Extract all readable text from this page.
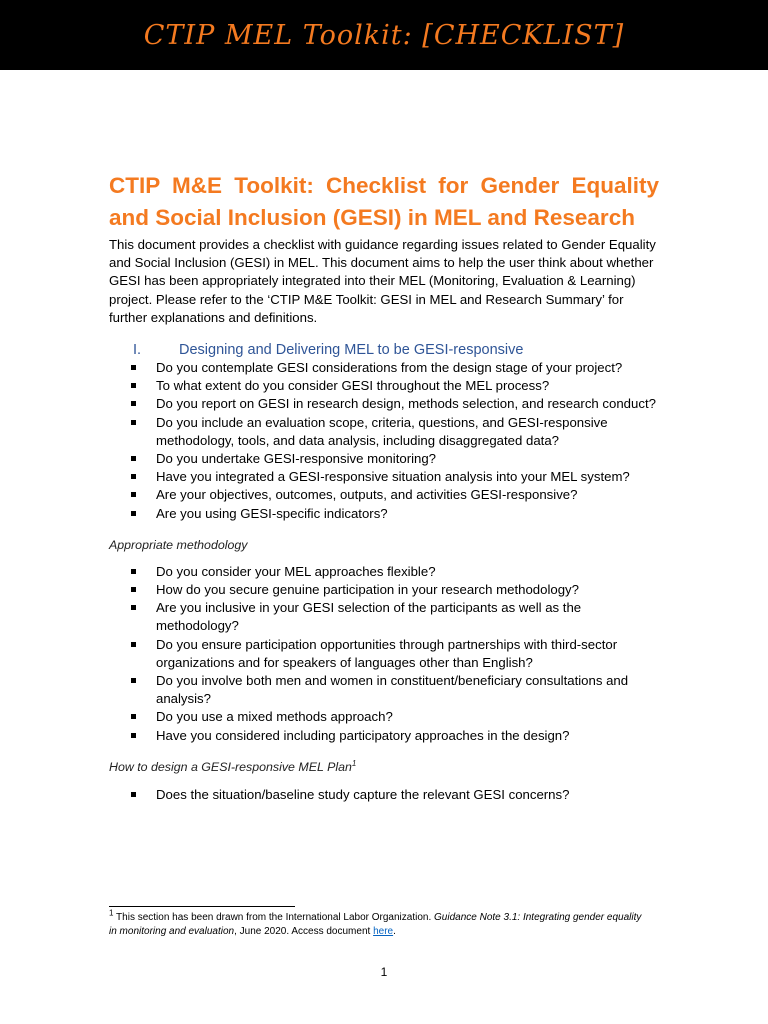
CTIP MEL Toolkit: [CHECKLIST]
CTIP M&E Toolkit: Checklist for Gender Equality and Social Inclusion (GESI) in MEL and Research

This document provides a checklist with guidance regarding issues related to Gender Equality and Social Inclusion (GESI) in MEL. This document aims to help the user think about whether GESI has been appropriately integrated into their MEL (Monitoring, Evaluation & Learning) project. Please refer to the ‘CTIP M&E Toolkit: GESI in MEL and Research Summary’ for further explanations and definitions.

I.	Designing and Delivering MEL to be GESI-responsive
Do you contemplate GESI considerations from the design stage of your project?
To what extent do you consider GESI throughout the MEL process?
Do you report on GESI in research design, methods selection, and research conduct?
Do you include an evaluation scope, criteria, questions, and GESI-responsive methodology, tools, and data analysis, including disaggregated data?
Do you undertake GESI-responsive monitoring?
Have you integrated a GESI-responsive situation analysis into your MEL system?
Are your objectives, outcomes, outputs, and activities GESI-responsive?
Are you using GESI-specific indicators?
Appropriate methodology
Do you consider your MEL approaches flexible?
How do you secure genuine participation in your research methodology?
Are you inclusive in your GESI selection of the participants as well as the methodology?
Do you ensure participation opportunities through partnerships with third-sector organizations and for speakers of languages other than English?
Do you involve both men and women in constituent/beneficiary consultations and analysis?
Do you use a mixed methods approach?
Have you considered including participatory approaches in the design?
How to design a GESI-responsive MEL Plan$^1$
Does the situation/baseline study capture the relevant GESI concerns?
$^1$ This section has been drawn from the International Labor Organization. Guidance Note 3.1: Integrating gender equality in monitoring and evaluation, June 2020. Access document here.
1
